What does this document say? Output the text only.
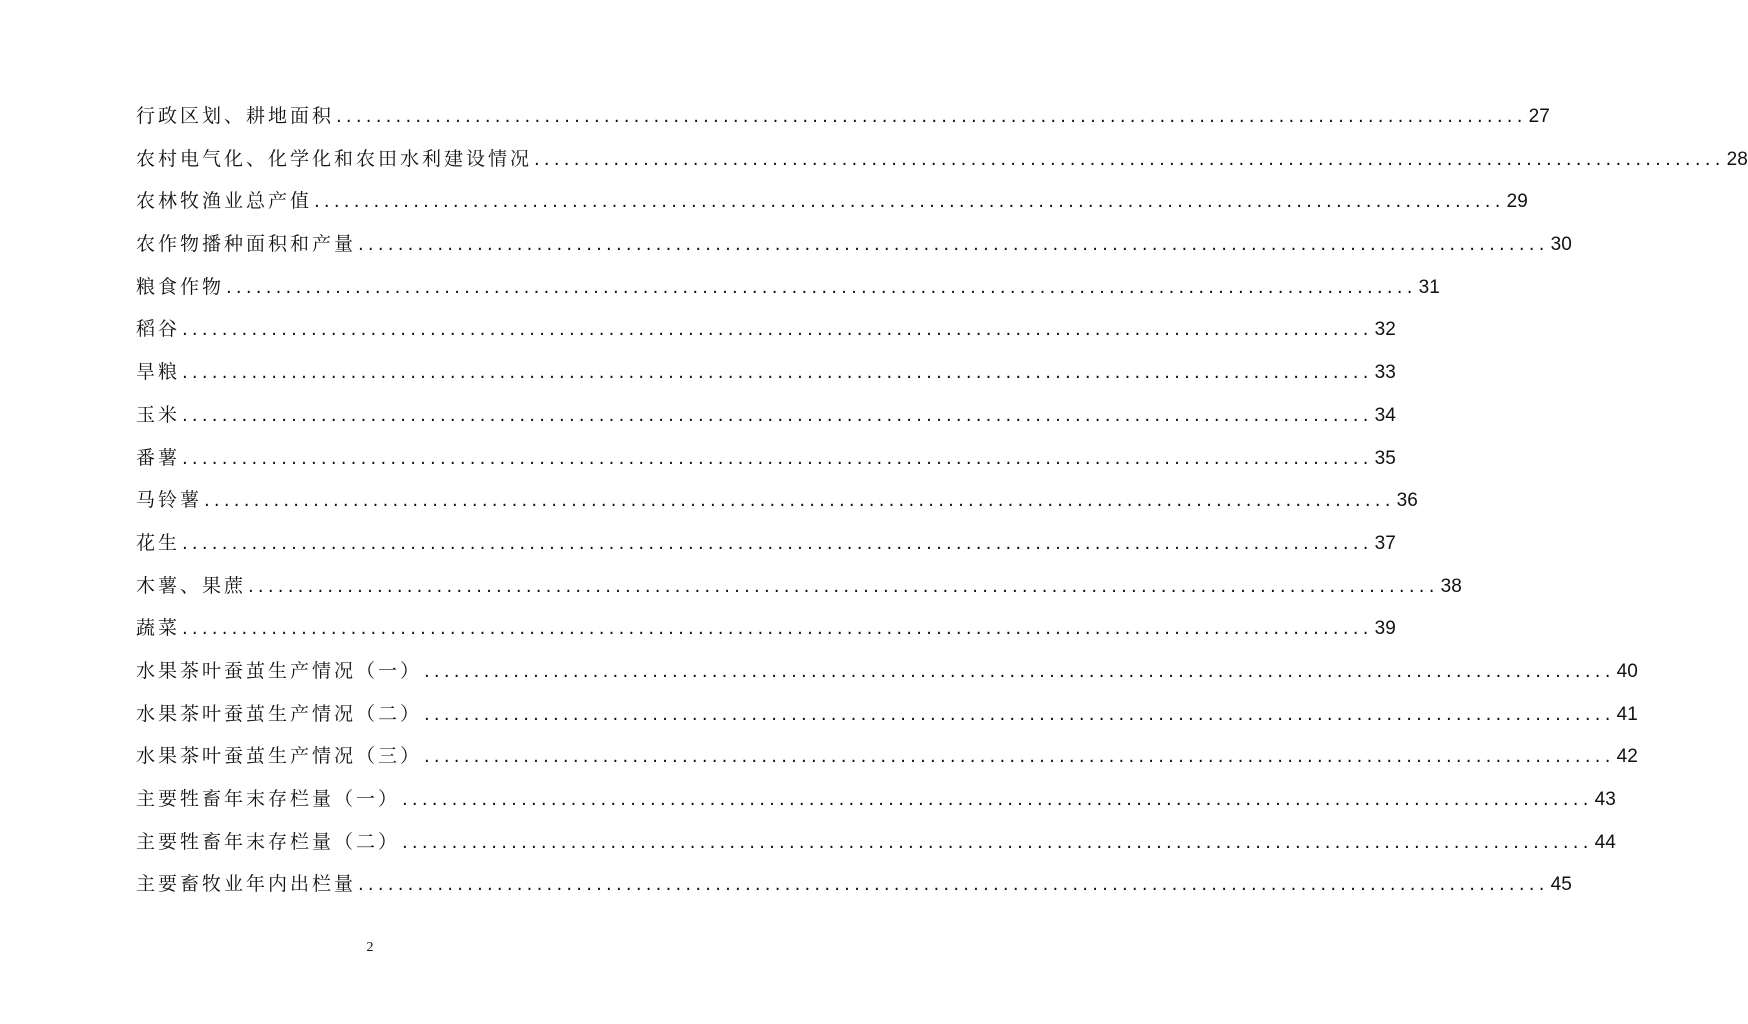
行政区划、耕地面积 ........................................................................................................................ 27
农村电气化、化学化和农田水利建设情况 ........................................................................................................................ 28
农林牧渔业总产值 ........................................................................................................................ 29
农作物播种面积和产量 ........................................................................................................................ 30
粮食作物 ........................................................................................................................ 31
稻谷 ........................................................................................................................ 32
旱粮 ........................................................................................................................ 33
玉米 ........................................................................................................................ 34
番薯 ........................................................................................................................ 35
马铃薯 ........................................................................................................................ 36
花生 ........................................................................................................................ 37
木薯、果蔗 ........................................................................................................................ 38
蔬菜 ........................................................................................................................ 39
水果茶叶蚕茧生产情况（一） ........................................................................................................................ 40
水果茶叶蚕茧生产情况（二） ........................................................................................................................ 41
水果茶叶蚕茧生产情况（三） ........................................................................................................................ 42
主要牲畜年末存栏量（一） ........................................................................................................................ 43
主要牲畜年末存栏量（二） ........................................................................................................................ 44
主要畜牧业年内出栏量 ........................................................................................................................ 45
2
